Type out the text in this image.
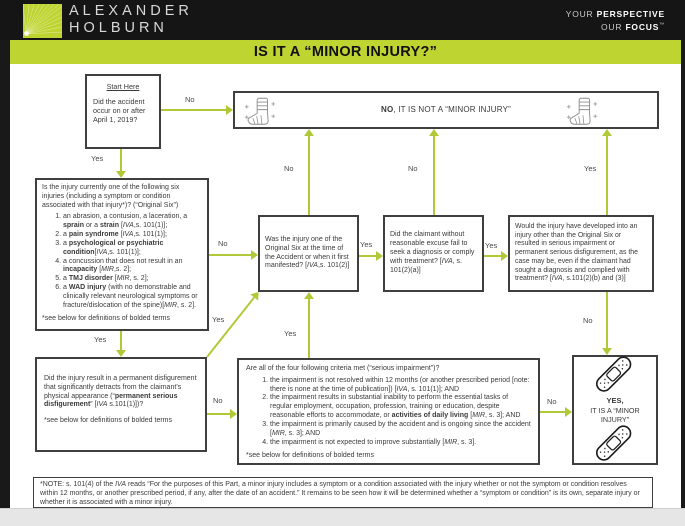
ALEXANDER
HOLBURN
YOUR PERSPECTIVE
OUR FOCUS™
IS IT A “MINOR INJURY?”
No
Yes
No
Yes
No
Yes
No
Yes
Yes
No
Yes
Yes
No	No
Start Here
Did the accident occur on or after April 1, 2019?
NO , IT IS NOT A “MINOR INJURY”
Is the injury currently one of the following six injuries (including a symptom or condition associated with that injury*)? (“Original Six”)
1. an abrasion, a contusion, a laceration, a sprain or a strain [IVA,s. 101(1)];
2. a pain syndrome [IVA,s. 101(1)];
3. a psychological or psychiatric condition[IVA,s. 101(1)];
4. a concussion that does not result in an incapacity [MIR,s. 2];
5. a TMJ disorder [MIR, s. 2];
6. a WAD injury (with no demonstrable and clinically relevant neurological symptoms or fracture/dislocation of the spine)[MIR, s. 2].
*see below for definitions of bolded terms
Was the injury one of the Original Six at the time of the Accident or when it first manifested? [IVA,s. 101(2)]
Did the claimant without reasonable excuse fail to seek a diagnosis or comply with treatment? [IVA, s. 101(2)(a)]
Would the injury have developed into an injury other than the Original Six or resulted in serious impairment or permanent serious disfigurement, as the case may be, even if the claimant had sought a diagnosis and complied with treatment? [IVA, s.101(2)(b) and (3)]
Did the injury result in a permanent disfigurement that significantly detracts from the claimant’s physical appearance (“permanent serious disfigurement” [IVA s.101(1)])?
*see below for definitions of bolded terms
Are all of the four following criteria met (“serious impairment”)?
1. the impairment is not resolved within 12 months (or another prescribed period [note: there is none at the time of publication]) [IVA, s. 101(1)]; AND
2. the impairment results in substantial inability to perform the essential tasks of regular employment, occupation, profession, training or education, despite reasonable efforts to accommodate, or activities of daily living [MIR, s. 3]; AND
3. the impairment is primarily caused by the accident and is ongoing since the accident [MIR, s. 3]; AND
4. the impairment is not expected to improve substantially [MIR, s. 3].
*see below for definitions of bolded terms
YES,
IT IS A “MINOR INJURY”
*NOTE: s. 101(4) of the IVA reads “For the purposes of this Part, a minor injury includes a symptom or a condition associated with the injury whether or not the symptom or condition resolves within 12 months, or another prescribed period, if any, after the date of an accident.” It remains to be seen how it will be determined whether a “symptom or condition” is its own, separate injury or whether it is associated with a minor injury.
